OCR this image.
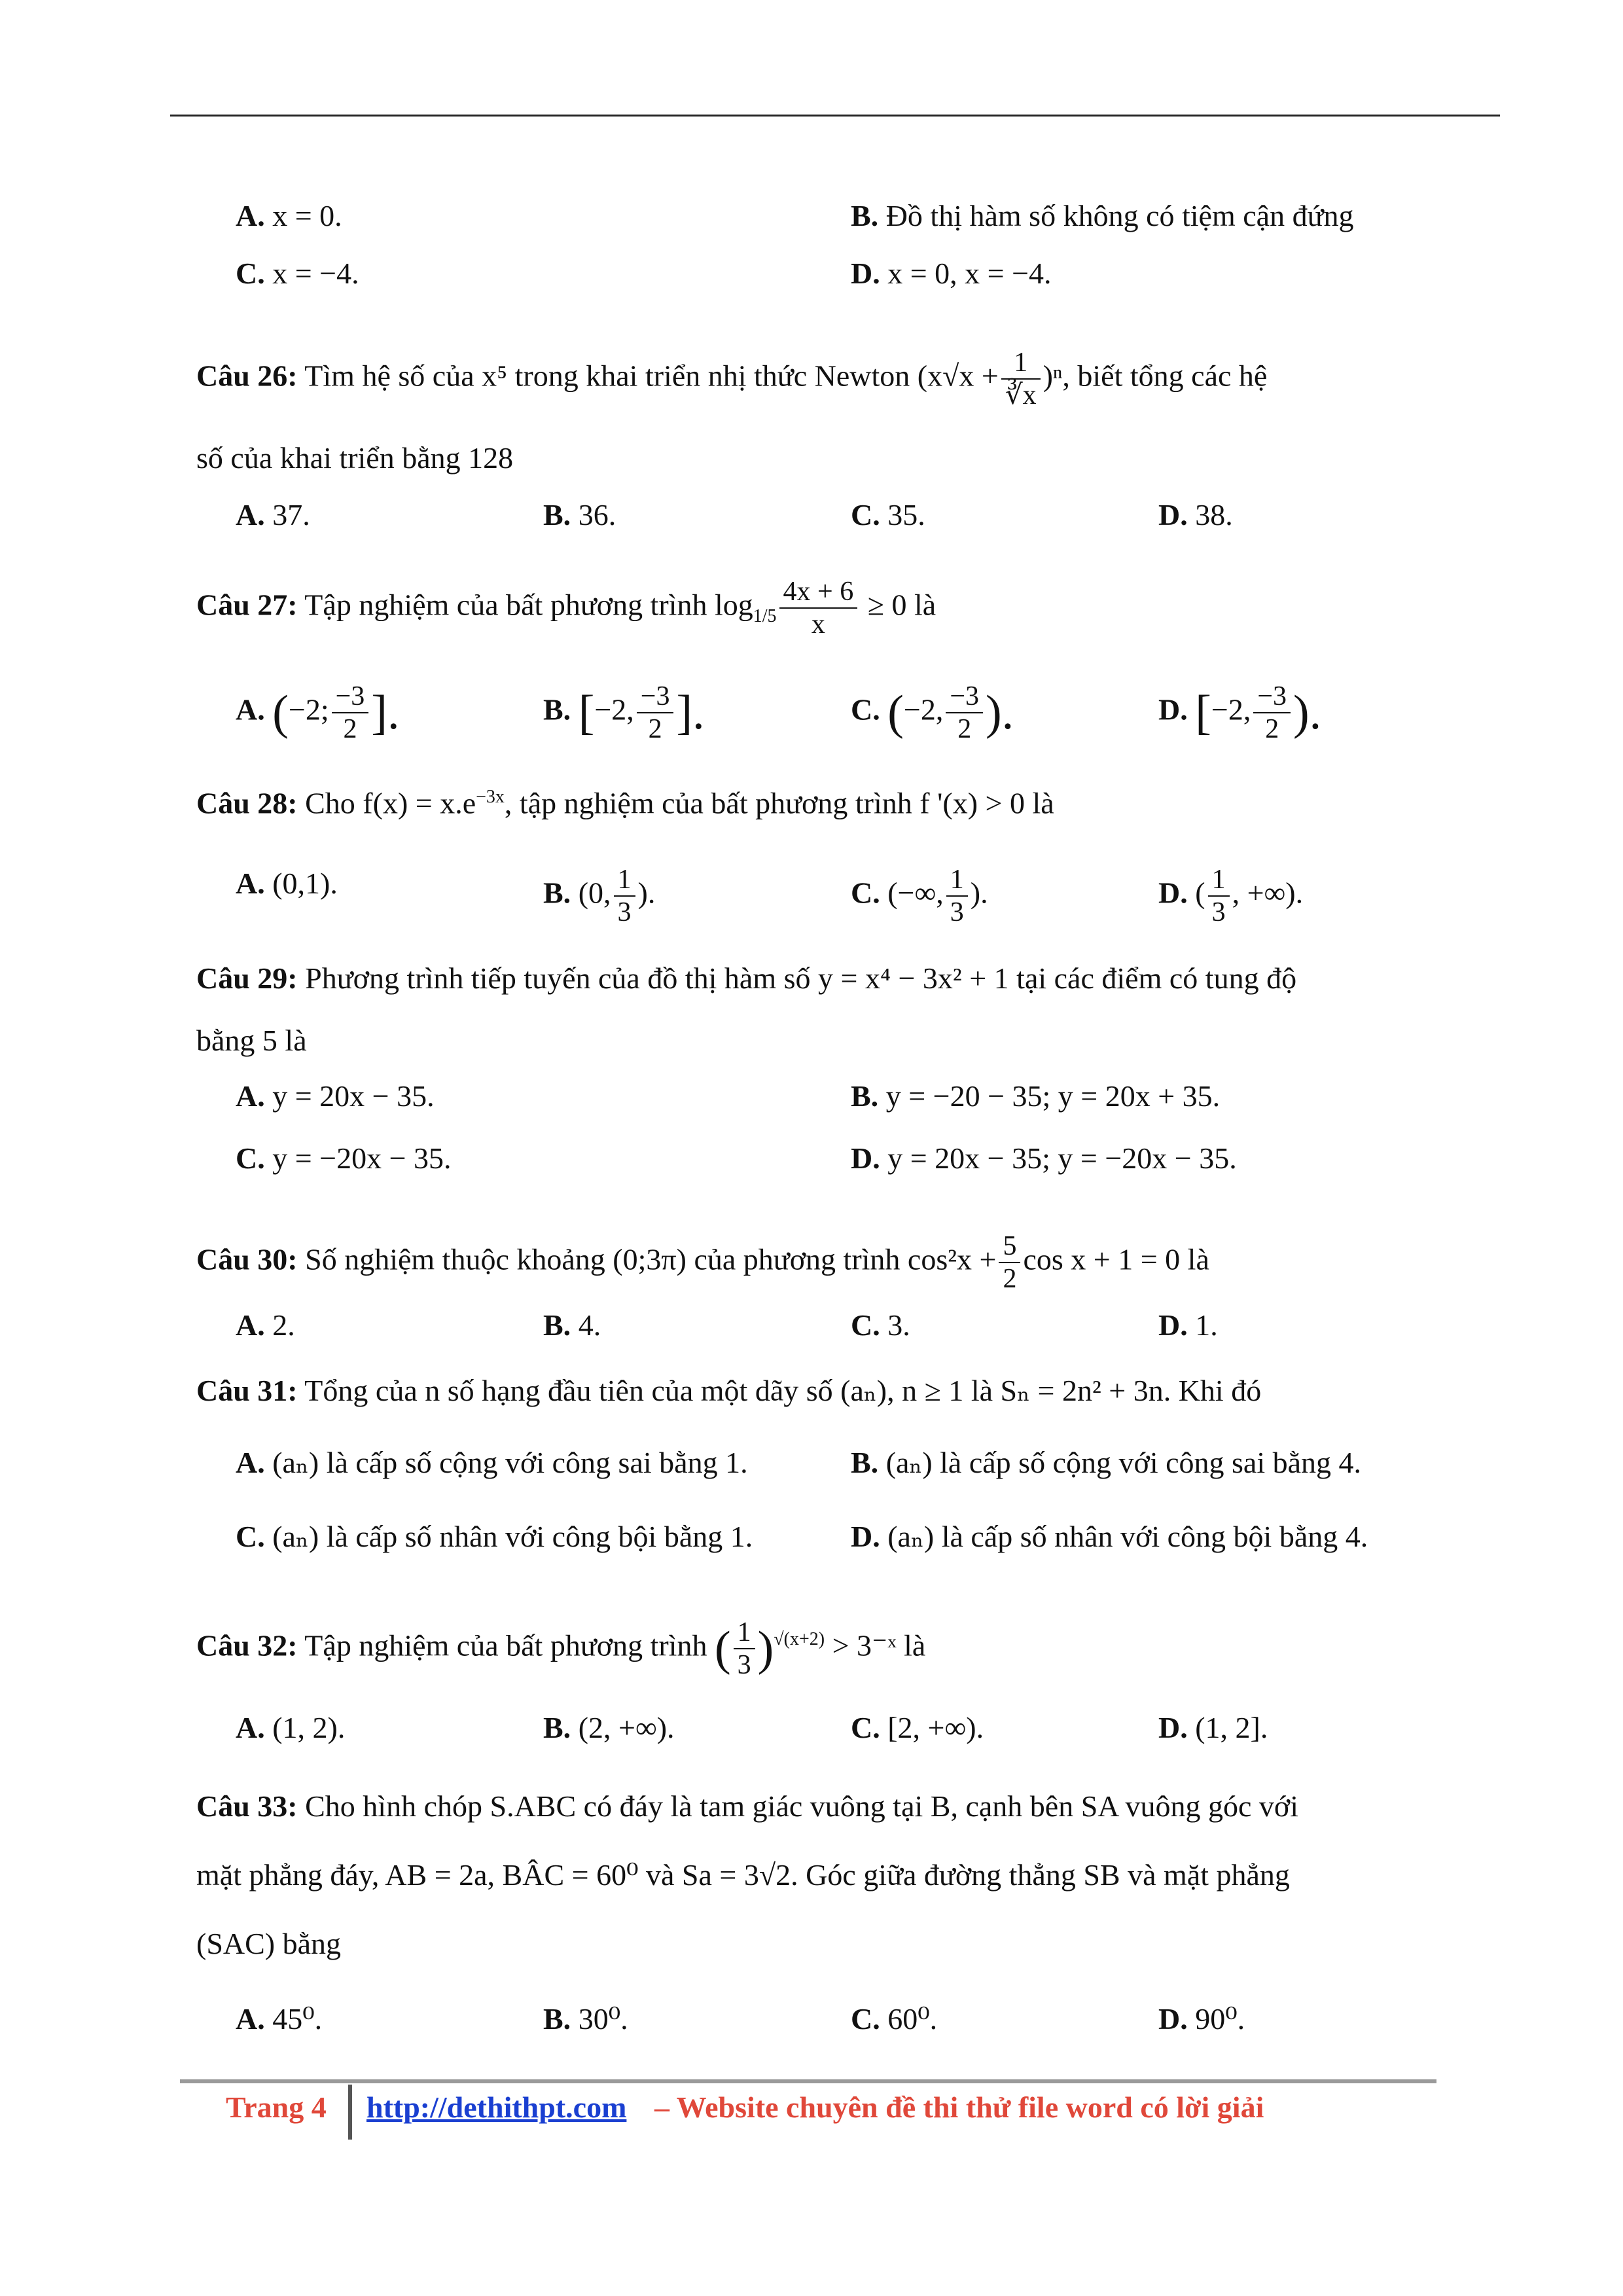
A. x = 0.	B. Đồ thị hàm số không có tiệm cận đứng
C. x = −4.	D. x = 0, x = −4.
Câu 26: Tìm hệ số của x⁵ trong khai triển nhị thức Newton $(x√x + \frac{1}{∛x} )^n$, biết tổng các hệ
số của khai triển bằng 128
A. 37.	B. 36.	C. 35.	D. 38.
Câu 27: Tập nghiệm của bất phương trình $\log_{1/5} \frac{4x + 6}{x} \ge 0$ là
A. (−2; $\frac{-3}{2}$ ].	B. [−2, $\frac{-3}{2}$ ].	C. (−2, $\frac{-3}{2}$ ).	D. [−2, $\frac{-3}{2}$ ).
Câu 28: Cho $f(x) = x.e^{-3x}$, tập nghiệm của bất phương trình f '(x) > 0 là
A. (0,1).	B. (0, $\frac{1}{3}$ ).	C. (−∞, $\frac{1}{3}$ ).	D. ( $\frac{1}{3}$ , +∞).
Câu 29: Phương trình tiếp tuyến của đồ thị hàm số y = x⁴ − 3x² + 1 tại các điểm có tung độ
bằng 5 là
A. y = 20x − 35.	B. y = −20 − 35; y = 20x + 35.
C. y = −20x − 35.	D. y = 20x − 35; y = −20x − 35.
Câu 30: Số nghiệm thuộc khoảng (0;3π) của phương trình $\cos^2x + \frac{5}{2}$ cos x + 1 = 0 là
A. 2.	B. 4.	C. 3.	D. 1.
Câu 31: Tổng của n số hạng đầu tiên của một dãy số (aₙ), n ≥ 1 là Sₙ = 2n² + 3n. Khi đó
A. (aₙ) là cấp số cộng với công sai bằng 1.	B. (aₙ) là cấp số cộng với công sai bằng 4.
C. (aₙ) là cấp số nhân với công bội bằng 1.	D. (aₙ) là cấp số nhân với công bội bằng 4.
Câu 32: Tập nghiệm của bất phương trình ( $\frac{1}{3} )^{√(x+2)}$ > 3⁻ˣ là
A. (1, 2).	B. (2, +∞).	C. [2, +∞).	D. (1, 2].
Câu 33: Cho hình chóp S.ABC có đáy là tam giác vuông tại B, cạnh bên SA vuông góc với
mặt phẳng đáy, AB = 2a, BÂC = 60⁰ và Sa = 3√2. Góc giữa đường thẳng SB và mặt phẳng
(SAC) bằng
A. 45⁰.	B. 30⁰.	C. 60⁰.	D. 90⁰.
Trang 4 http://dethithpt.com – Website chuyên đề thi thử file word có lời giải
